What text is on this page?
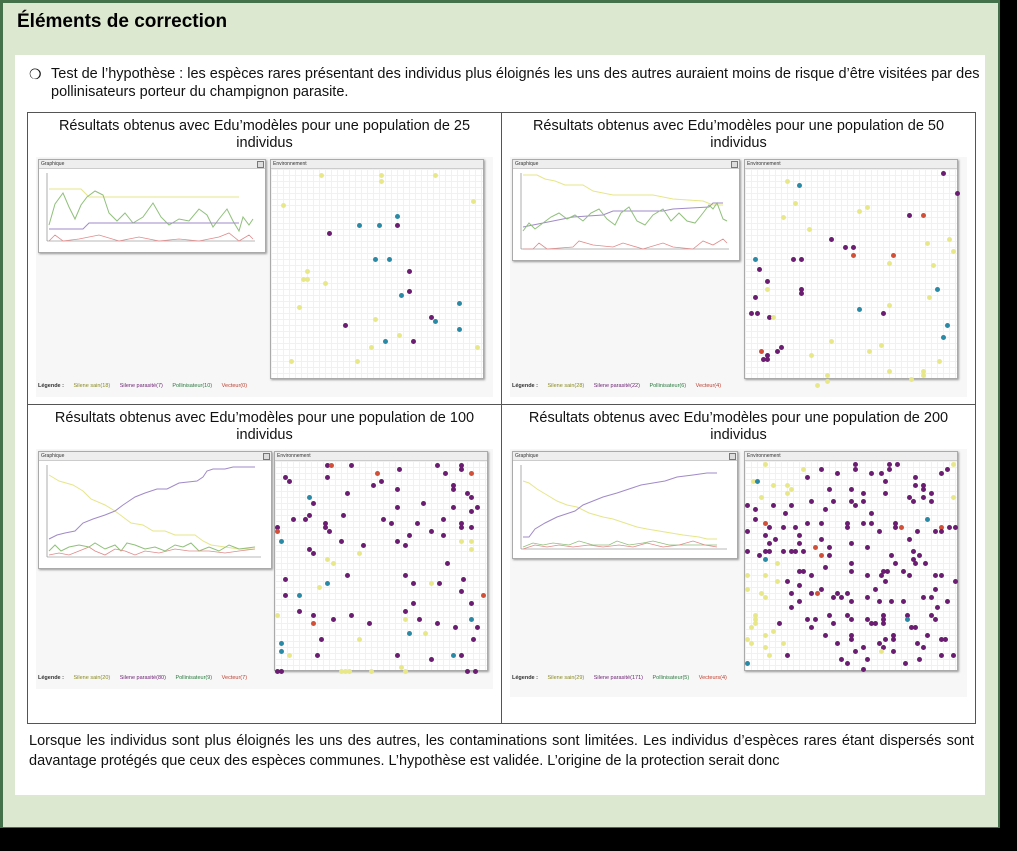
Éléments de correction
❍ Test de l’hypothèse : les espèces rares présentant des individus plus éloignés les uns des autres auraient moins de risque d’être visitées par des pollinisateurs porteur du champignon parasite.
Résultats obtenus avec Edu’modèles pour une population de 25 individus
Graphique	Environnement
Légende : Silene sain(18) Silene parasité(7) Pollinisateur(10) Vecteur(0)
Résultats obtenus avec Edu’modèles pour une population de 50 individus
Graphique	Environnement
Légende : Silene sain(28) Silene parasité(22) Pollinisateur(6) Vecteur(4)
Résultats obtenus avec Edu’modèles pour une population de 100 individus
Graphique	Environnement
Légende : Silene sain(20) Silene parasité(80) Pollinisateur(9) Vecteur(7)
Résultats obtenus avec Edu’modèles pour une population de 200 individus
Graphique	Environnement
Légende : Silene sain(29) Silene parasité(171) Pollinisateur(5) Vecteurs(4)
Lorsque les individus sont plus éloignés les uns des autres, les contaminations sont limitées. Les individus d’espèces rares étant dispersés sont davantage protégés que ceux des espèces communes. L’hypothèse est validée. L’origine de la protection serait donc
